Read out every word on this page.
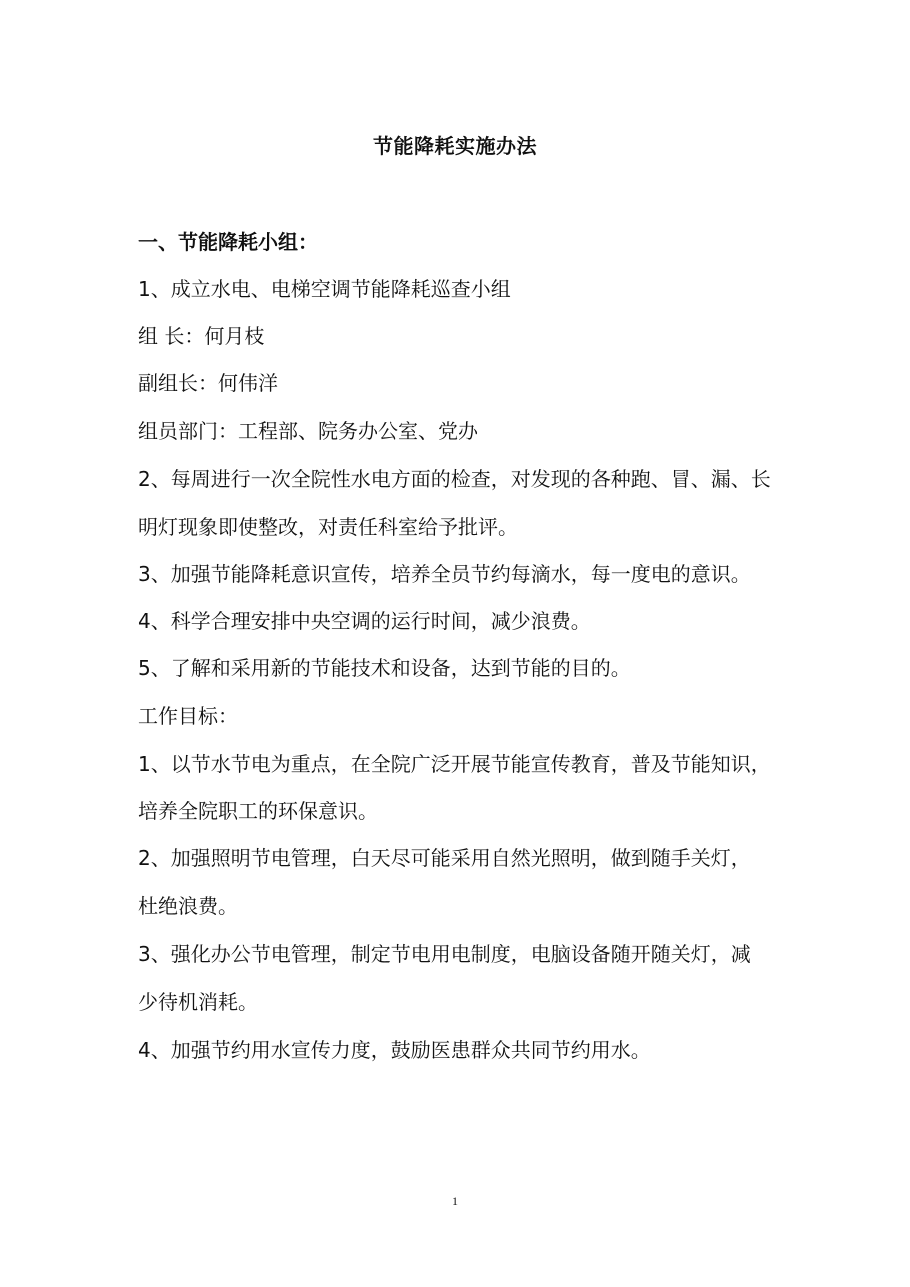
节能降耗实施办法
一、节能降耗小组：
1、成立水电、电梯空调节能降耗巡查小组
组 长：何月枝
副组长：何伟洋
组员部门：工程部、院务办公室、党办
2、每周进行一次全院性水电方面的检查，对发现的各种跑、冒、漏、长
明灯现象即使整改，对责任科室给予批评。
3、加强节能降耗意识宣传，培养全员节约每滴水，每一度电的意识。
4、科学合理安排中央空调的运行时间，减少浪费。
5、了解和采用新的节能技术和设备，达到节能的目的。
工作目标：
1、以节水节电为重点，在全院广泛开展节能宣传教育，普及节能知识，
培养全院职工的环保意识。
2、加强照明节电管理，白天尽可能采用自然光照明，做到随手关灯，
杜绝浪费。
3、强化办公节电管理，制定节电用电制度，电脑设备随开随关灯，减
少待机消耗。
4、加强节约用水宣传力度，鼓励医患群众共同节约用水。
1
